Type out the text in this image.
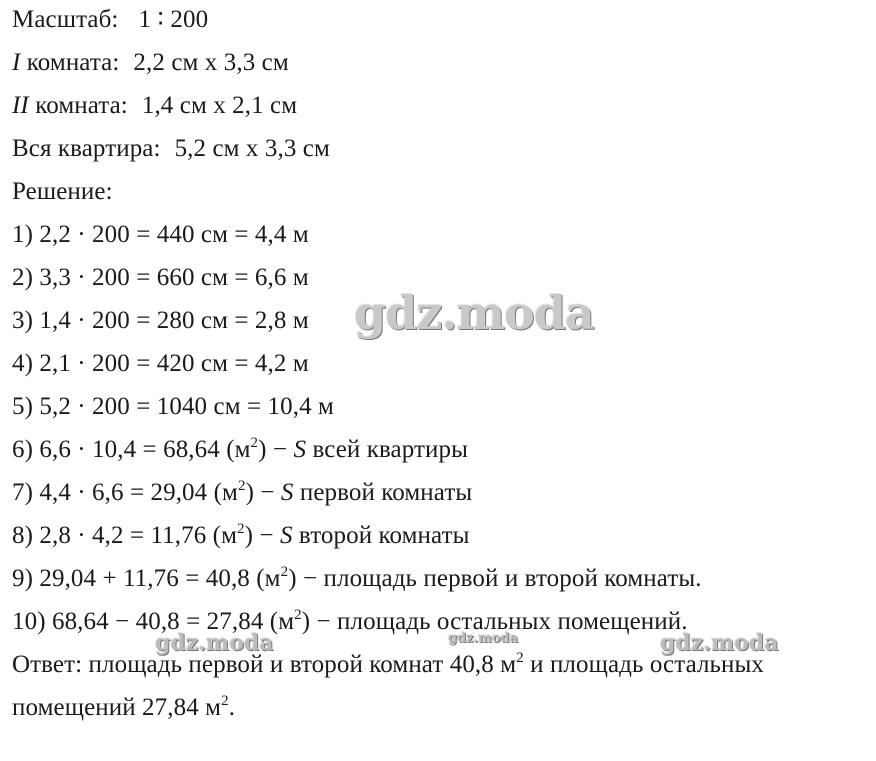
Масштаб: 1 ∶ 200
I комната: 2,2 см x 3,3 см
II комната: 1,4 см x 2,1 см
Вся квартира: 5,2 см x 3,3 см
Решение:
1) 2,2 · 200 = 440 см = 4,4 м
2) 3,3 · 200 = 660 см = 6,6 м
3) 1,4 · 200 = 280 см = 2,8 м
4) 2,1 · 200 = 420 см = 4,2 м
5) 5,2 · 200 = 1040 см = 10,4 м
6) 6,6 · 10,4 = 68,64 $(м^2) - S$ всей квартиры
7) 4,4 · 6,6 = 29,04 $(м^2) - S$ первой комнаты
8) 2,8 · 4,2 = 11,76 $(м^2) - S$ второй комнаты
9) 29,04 + 11,76 = 40,8 $(м^2)$ − площадь первой и второй комнаты.
10) 68,64 − 40,8 = 27,84 $(м^2)$ − площадь остальных помещений.
Ответ: площадь первой и второй комнат 40,8 $м^2$ и площадь остальных
помещений 27,84 $м^2$.
gdz.moda
gdz.moda	gdz.moda	gdz.moda
